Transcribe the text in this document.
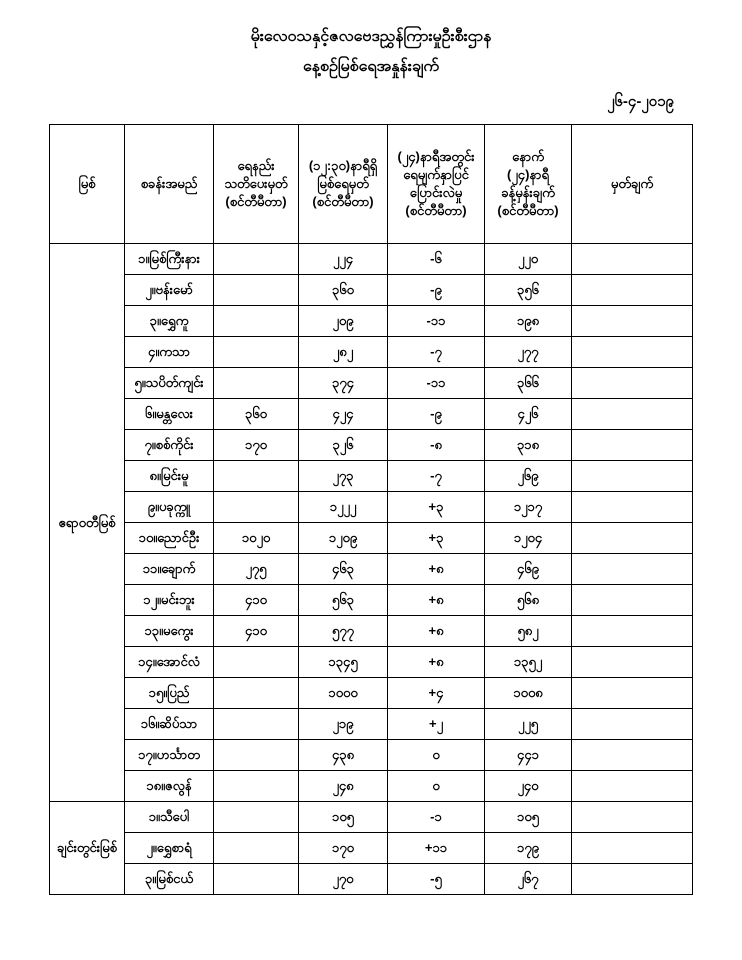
မိုးလေဝသနှင့်ဇလဗေဒညွှန်ကြားမှုဦးစီးဌာန
နေ့စဉ်မြစ်ရေအနှုန်းချက်
၂၆-၄-၂၀၁၉
မြစ်	စခန်းအမည်	ရေနည်း
သတိပေးမှတ်
(စင်တီမီတာ)	(၁၂:၃၀)နာရီရှိ
မြစ်ရေမှတ်
(စင်တီမီတာ)	(၂၄)နာရီအတွင်း
ရေမျက်နှာပြင်
ပြောင်းလဲမှု
(စင်တီမီတာ)	နောက်
(၂၄)နာရီ
ခန့်မှန်းချက်
(စင်တီမီတာ)	မှတ်ချက်
ဧရာဝတီမြစ်	၁။မြစ်ကြီးနား		၂၂၄	-၆	၂၂၀	
	၂။ဗန်းမော်		၃၆၀	-၉	၃၅၆	
	၃။ရွှေကူ		၂၀၉	-၁၁	၁၉၈	
	၄။ကသာ		၂၈၂	-၇	၂၇၇	
	၅။သပိတ်ကျင်း		၃၇၄	-၁၁	၃၆၆	
	၆။မန္တလေး	၃၆၀	၄၂၄	-၉	၄၂၆	
	၇။စစ်ကိုင်း	၁၇၀	၃၂၆	-၈	၃၁၈	
	၈။မြင်းမူ		၂၇၃	-၇	၂၆၉	
	၉။ပခုက္ကူ		၁၂၂၂	+၃	၁၂၁၇	
	၁၀။ညောင်ဦး	၁၀၂၀	၁၂၀၉	+၃	၁၂၀၄	
	၁၁။ချောက်	၂၇၅	၄၆၃	+၈	၄၆၉	
	၁၂။မင်းဘူး	၄၁၀	၅၆၃	+၈	၅၆၈	
	၁၃။မကွေး	၄၁၀	၅၇၇	+၈	၅၈၂	
	၁၄။အောင်လံ		၁၃၄၅	+၈	၁၃၅၂	
	၁၅။ပြည်		၁၀၀၀	+၄	၁၀၀၈	
	၁၆။ဆိပ်သာ		၂၁၉	+၂	၂၂၅	
	၁၇။ဟင်္သာတ		၄၃၈	၀	၄၄၁	
	၁၈။ဇလွန်		၂၄၈	၀	၂၄၀	
ချင်းတွင်းမြစ်	၁။သီပေါ		၁၀၅	-၁	၁၀၅	
	၂။ရွှေစာရံ		၁၇၀	+၁၁	၁၇၉	
	၃။မြစ်ငယ်		၂၇၀	-၅	၂၆၇	
